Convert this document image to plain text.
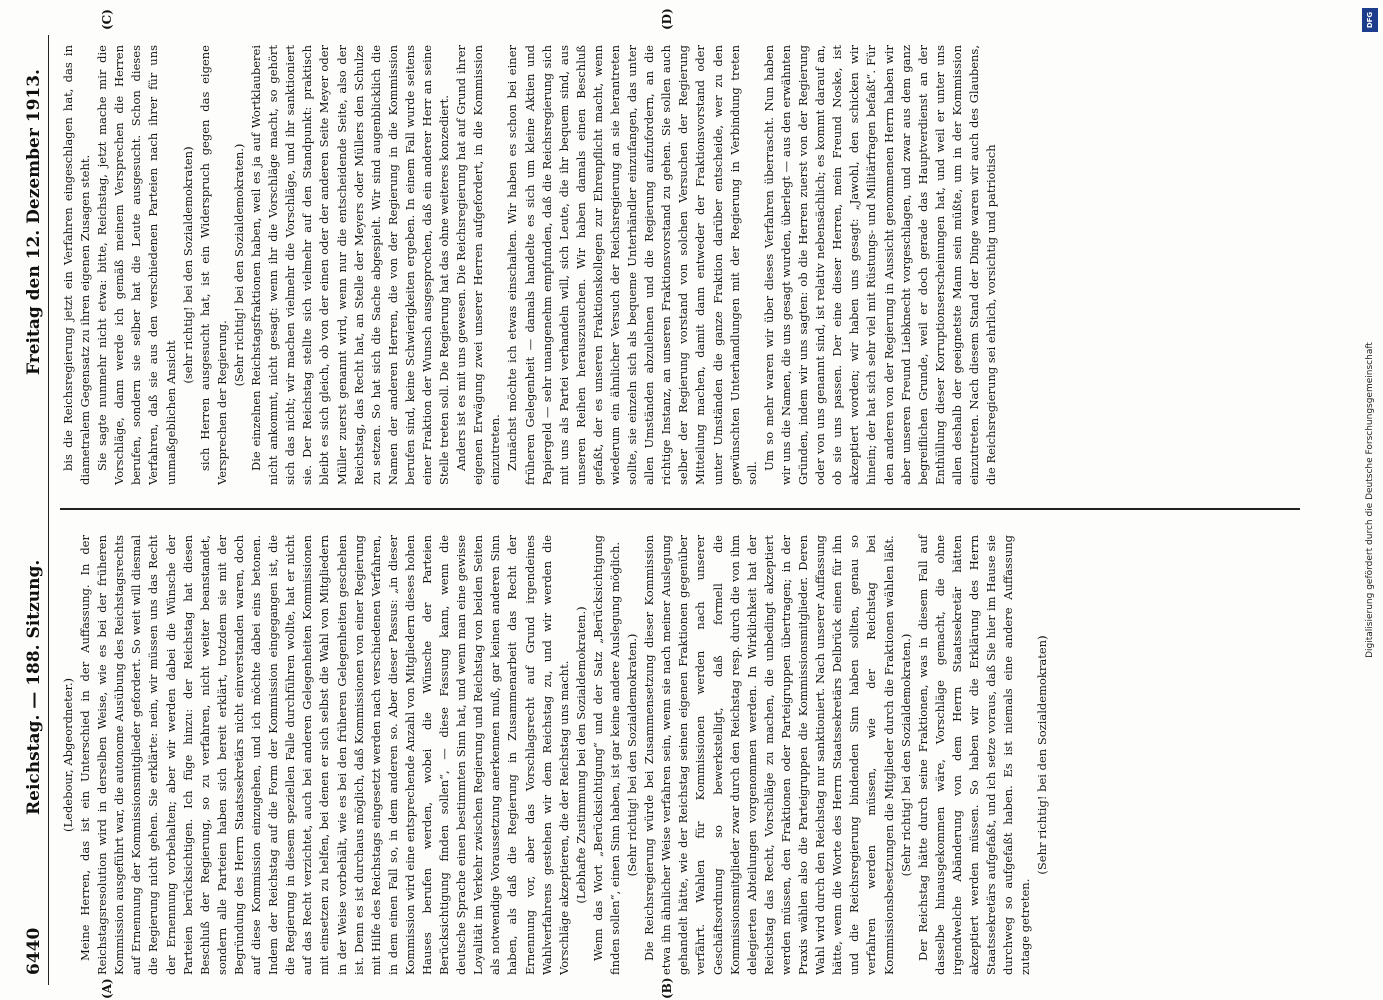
6440
Reichstag. — 188. Sitzung.
Freitag den 12. Dezember 1913.
(A)	(B)
(C)	(D)

(Ledebour, Abgeordneter.) Meine Herren, das ist ein Unterschied in der Auffassung. In der Reichstagsresolution wird in derselben Weise, wie es bei der früheren Kommission ausgeführt war, die autonome Ausübung des Reichstagsrechts auf Ernennung der Kommissionsmitglieder gefordert. So weit will diesmal die Regierung nicht gehen. Sie erklärte: nein, wir müssen uns das Recht der Ernennung vorbehalten; aber wir werden dabei die Wünsche der Parteien berücksichtigen. Ich füge hinzu: der Reichstag hat diesen Beschluß der Regierung, so zu verfahren, nicht weiter beanstandet, sondern alle Parteien haben sich bereit erklärt, trotzdem sie mit der Begründung des Herrn Staatssekretärs nicht einverstanden waren, doch auf diese Kommission einzugehen, und ich möchte dabei eins betonen. Indem der Reichstag auf die Form der Kommission eingegangen ist, die die Regierung in diesem speziellen Falle durchführen wollte, hat er nicht auf das Recht verzichtet, auch bei anderen Gelegenheiten Kommissionen mit einsetzen zu helfen, bei denen er sich selbst die Wahl von Mitgliedern in der Weise vorbehält, wie es bei den früheren Gelegenheiten geschehen ist. Denn es ist durchaus möglich, daß Kommissionen von einer Regierung mit Hilfe des Reichstags eingesetzt werden nach verschiedenen Verfahren, in dem einen Fall so, in dem anderen so. Aber dieser Passus: „in dieser Kommission wird eine entsprechende Anzahl von Mitgliedern dieses hohen Hauses berufen werden, wobei die Wünsche der Parteien Berücksichtigung finden sollen“, — diese Fassung kann, wenn die deutsche Sprache einen bestimmten Sinn hat, und wenn man eine gewisse Loyalität im Verkehr zwischen Regierung und Reichstag von beiden Seiten als notwendige Voraussetzung anerkennen muß, gar keinen anderen Sinn haben, als daß die Regierung in Zusammenarbeit das Recht der Ernennung vor, aber das Vorschlagsrecht auf Grund irgendeines Wahlverfahrens gestehen wir dem Reichstag zu, und wir werden die Vorschläge akzeptieren, die der Reichstag uns macht. (Lebhafte Zustimmung bei den Sozialdemokraten.) Wenn das Wort „Berücksichtigung“ und der Satz „Berücksichtigung finden sollen“, einen Sinn haben, ist gar keine andere Auslegung möglich. (Sehr richtig! bei den Sozialdemokraten.) Die Reichsregierung würde bei Zusammensetzung dieser Kommission etwa ihn ähnlicher Weise verfahren sein, wenn sie nach meiner Auslegung gehandelt hätte, wie der Reichstag seinen eigenen Fraktionen gegenüber verfährt. Wahlen für Kommissionen werden nach unserer Geschäftsordnung so bewerkstelligt, daß formell die Kommissionsmitglieder zwar durch den Reichstag resp. durch die von ihm delegierten Abteilungen vorgenommen werden. In Wirklichkeit hat der Reichstag das Recht, Vorschläge zu machen, die unbedingt akzeptiert werden müssen, den Fraktionen oder Parteigruppen übertragen; in der Praxis wählen also die Parteigruppen die Kommissionsmitglieder. Deren Wahl wird durch den Reichstag nur sanktioniert. Nach unserer Auffassung hätte, wenn die Worte des Herrn Staatssekretärs Delbrück einen für ihn und die Reichsregierung bindenden Sinn haben sollten, genau so verfahren werden müssen, wie der Reichstag bei Kommissionsbesetzungen die Mitglieder durch die Fraktionen wählen läßt. (Sehr richtig! bei den Sozialdemokraten.) Der Reichstag hätte durch seine Fraktionen, was in diesem Fall auf dasselbe hinausgekommen wäre, Vorschläge gemacht, die ohne irgendwelche Abänderung von dem Herrn Staatssekretär hätten akzeptiert werden müssen. So haben wir die Erklärung des Herrn Staatssekretärs aufgefaßt, und ich setze voraus, daß Sie hier im Hause sie durchweg so aufgefaßt haben. Es ist niemals eine andere Auffassung zutage getreten.

(Sehr richtig! bei den Sozialdemokraten)

bis die Reichsregierung jetzt ein Verfahren eingeschlagen hat, das in diametralem Gegensatz zu ihren eigenen Zusagen steht. Sie sagte nunmehr nicht etwa: bitte, Reichstag, jetzt mache mir die Vorschläge, dann werde ich gemäß meinem Versprechen die Herren berufen, sondern sie selber hat die Leute ausgesucht. Schon dieses Verfahren, daß sie aus den verschiedenen Parteien nach ihrer für uns unmaßgeblichen Ansicht

(sehr richtig! bei den Sozialdemokraten) sich Herren ausgesucht hat, ist ein Widerspruch gegen das eigene Versprechen der Regierung.

(Sehr richtig! bei den Sozialdemokraten.) Die einzelnen Reichstagsfraktionen haben, weil es ja auf Wortklauberei nicht ankommt, nicht gesagt: wenn ihr die Vorschläge macht, so gehört sich das nicht; wir machen vielmehr die Vorschläge, und ihr sanktioniert sie. Der Reichstag stellte sich vielmehr auf den Standpunkt: praktisch bleibt es sich gleich, ob von der einen oder der anderen Seite Meyer oder Müller zuerst genannt wird, wenn nur die entscheidende Seite, also der Reichstag, das Recht hat, an Stelle der Meyers oder Müllers den Schulze zu setzen. So hat sich die Sache abgespielt. Wir sind augenblicklich die Namen der anderen Herren, die von der Regierung in die Kommission berufen sind, keine Schwierigkeiten ergeben. In einem Fall wurde seitens einer Fraktion der Wunsch ausgesprochen, daß ein anderer Herr an seine Stelle treten soll. Die Regierung hat das ohne weiteres konzediert. Anders ist es mit uns gewesen. Die Reichsregierung hat auf Grund ihrer eigenen Erwägung zwei unserer Herren aufgefordert, in die Kommission einzutreten. Zunächst möchte ich etwas einschalten. Wir haben es schon bei einer früheren Gelegenheit — damals handelte es sich um kleine Aktien und Papiergeld — sehr unangenehm empfunden, daß die Reichsregierung sich mit uns als Partei verhandeln will, sich Leute, die ihr bequem sind, aus unseren Reihen herauszusuchen. Wir haben damals einen Beschluß gefaßt, der es unseren Fraktionskollegen zur Ehrenpflicht macht, wenn wiederum ein ähnlicher Versuch der Reichsregierung an sie herantreten sollte, sie einzeln sich als bequeme Unterhändler einzufangen, das unter allen Umständen abzulehnen und die Regierung aufzufordern, an die richtige Instanz, an unseren Fraktionsvorstand zu gehen. Sie sollen auch selber der Regierung vorstand von solchen Versuchen der Regierung Mitteilung machen, damit dann entweder der Fraktionsvorstand oder unter Umständen die ganze Fraktion darüber entscheide, wer zu den gewünschten Unterhandlungen mit der Regierung in Verbindung treten soll.

Um so mehr waren wir über dieses Verfahren überrascht. Nun haben wir uns die Namen, die uns gesagt wurden, überlegt — aus den erwähnten Gründen, indem wir uns sagten: ob die Herren zuerst von der Regierung oder von uns genannt sind, ist relativ nebensächlich; es kommt darauf an, ob sie uns passen. Der eine dieser Herren, mein Freund Noske, ist akzeptiert worden; wir haben uns gesagt: „Jawohl, den schicken wir hinein; der hat sich sehr viel mit Rüstungs- und Militärfragen befaßt“. Für den anderen von der Regierung in Aussicht genommenen Herrn haben wir aber unseren Freund Liebknecht vorgeschlagen, und zwar aus dem ganz begreiflichen Grunde, weil er doch gerade das Hauptverdienst an der Enthüllung dieser Korruptionserscheinungen hat, und weil er unter uns allen deshalb der geeignetste Mann sein müßte, um in der Kommission einzutreten. Nach diesem Stand der Dinge waren wir auch des Glaubens, die Reichsregierung sei ehrlich, vorsichtig und patriotisch

DFG
Digitalisierung gefördert durch die Deutsche Forschungsgemeinschaft
